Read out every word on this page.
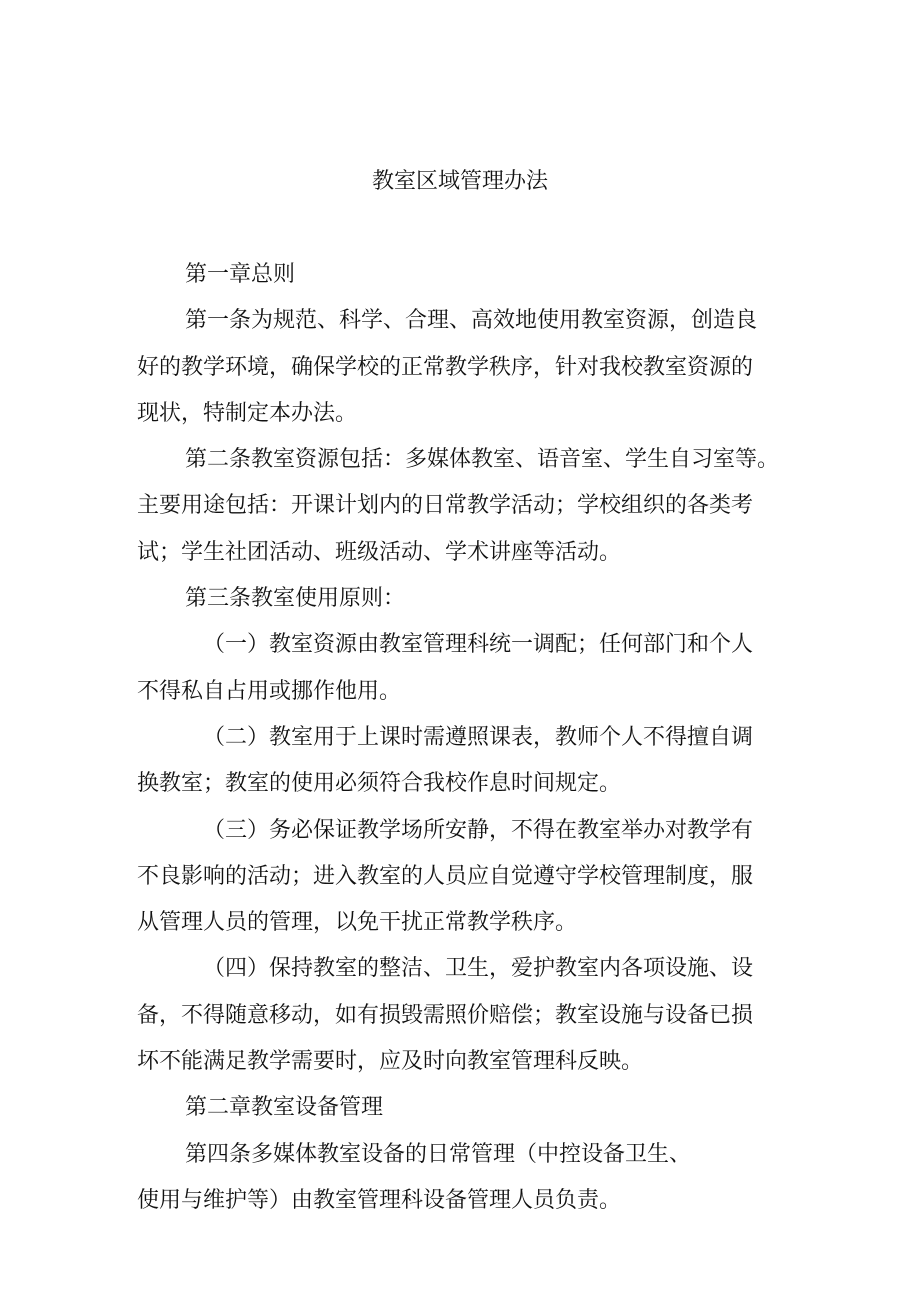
教室区域管理办法
第一章总则
第一条为规范、科学、合理、高效地使用教室资源，创造良
好的教学环境，确保学校的正常教学秩序，针对我校教室资源的
现状，特制定本办法。
第二条教室资源包括：多媒体教室、语音室、学生自习室等。
主要用途包括：开课计划内的日常教学活动；学校组织的各类考
试；学生社团活动、班级活动、学术讲座等活动。
第三条教室使用原则：
（一）教室资源由教室管理科统一调配；任何部门和个人
不得私自占用或挪作他用。
（二）教室用于上课时需遵照课表，教师个人不得擅自调
换教室；教室的使用必须符合我校作息时间规定。
（三）务必保证教学场所安静，不得在教室举办对教学有
不良影响的活动；进入教室的人员应自觉遵守学校管理制度，服
从管理人员的管理，以免干扰正常教学秩序。
（四）保持教室的整洁、卫生，爱护教室内各项设施、设
备，不得随意移动，如有损毁需照价赔偿；教室设施与设备已损
坏不能满足教学需要时，应及时向教室管理科反映。
第二章教室设备管理
第四条多媒体教室设备的日常管理（中控设备卫生、
使用与维护等）由教室管理科设备管理人员负责。
